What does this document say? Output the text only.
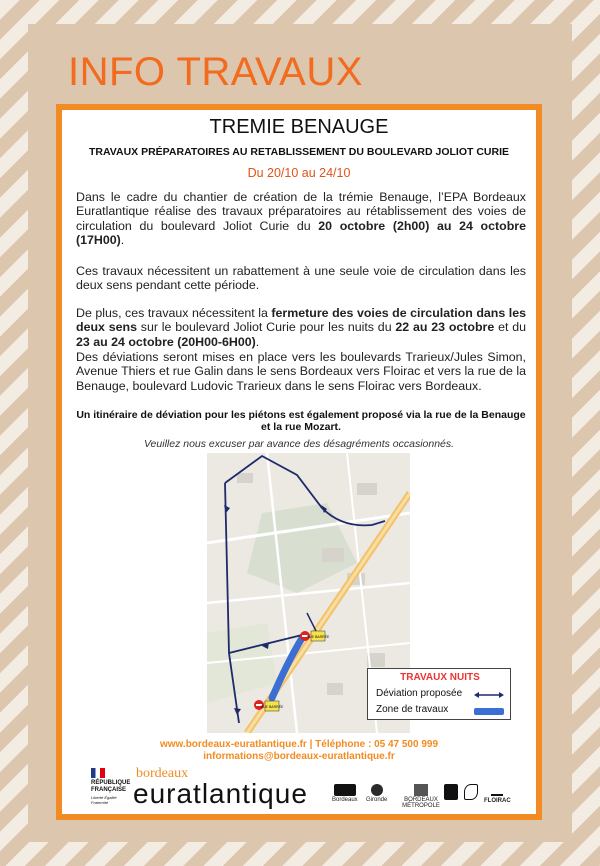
INFO TRAVAUX
TREMIE BENAUGE
TRAVAUX PRÉPARATOIRES AU RETABLISSEMENT DU BOULEVARD JOLIOT CURIE
Du 20/10 au 24/10
Dans le cadre du chantier de création de la trémie Benauge, l’EPA Bordeaux Euratlantique réalise des travaux préparatoires au rétablissement des voies de circulation du boulevard Joliot Curie du 20 octobre (2h00) au 24 octobre (17H00).
Ces travaux nécessitent un rabattement à une seule voie de circulation dans les deux sens pendant cette période.
De plus, ces travaux nécessitent la fermeture des voies de circulation dans les deux sens sur le boulevard Joliot Curie pour les nuits du 22 au 23 octobre et du 23 au 24 octobre (20H00-6H00).
Des déviations seront mises en place vers les boulevards Trarieux/Jules Simon, Avenue Thiers et rue Galin dans le sens Bordeaux vers Floirac et vers la rue de la Benauge, boulevard Ludovic Trarieux dans le sens Floirac vers Bordeaux.
Un itinéraire de déviation pour les piétons est également proposé via la rue de la Benauge et la rue Mozart.
Veuillez nous excuser par avance des désagréments occasionnés.
RUE BARRÉE
RUE BARRÉE
TRAVAUX NUITS
Déviation proposée
Zone de travaux
www.bordeaux-euratlantique.fr | Téléphone : 05 47 500 999
informations@bordeaux-euratlantique.fr
RÉPUBLIQUE
FRANÇAISE
Liberté Égalité Fraternité
bordeaux
euratlantique	Bordeaux Gironde	BORDEAUX MÉTROPOLE
FLOIRAC
